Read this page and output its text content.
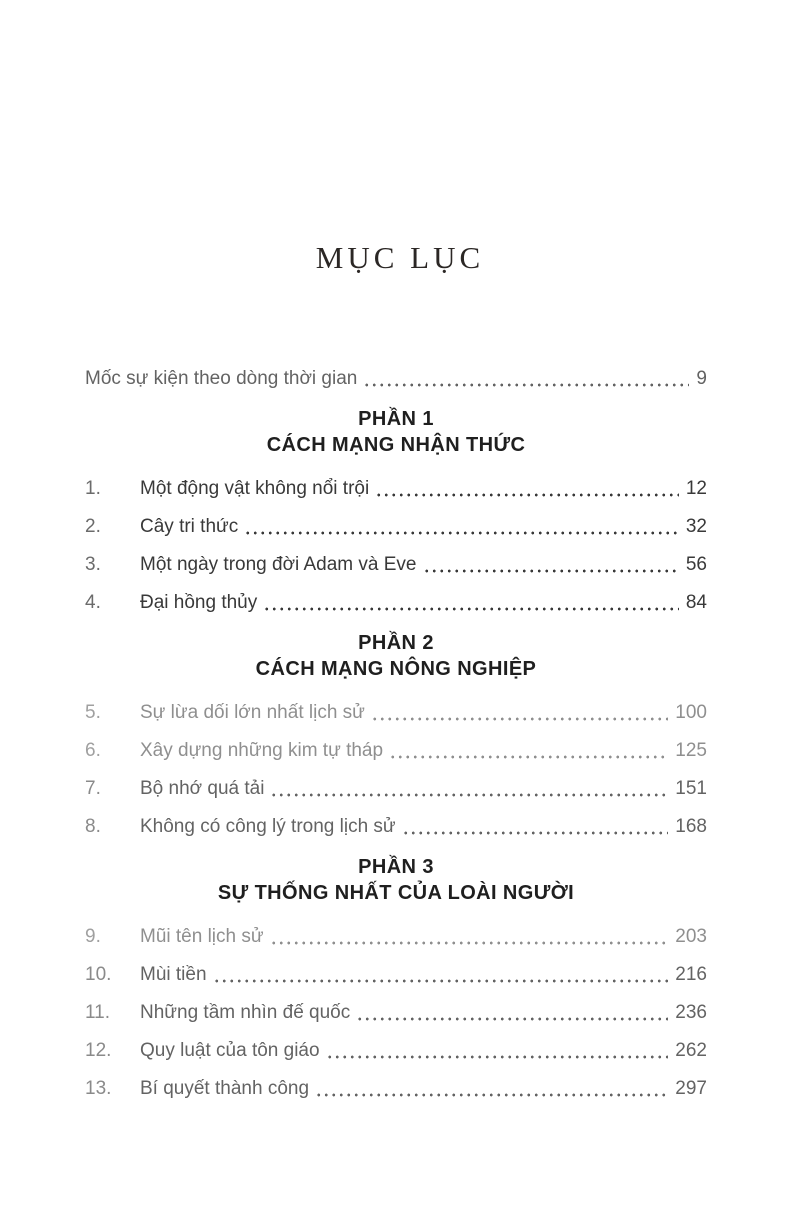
MỤC LỤC
Mốc sự kiện theo dòng thời gian	9
PHẦN 1
CÁCH MẠNG NHẬN THỨC
1.	Một động vật không nổi trội	12
2.	Cây tri thức	32
3.	Một ngày trong đời Adam và Eve	56
4.	Đại hồng thủy	84
PHẦN 2
CÁCH MẠNG NÔNG NGHIỆP
5.	Sự lừa dối lớn nhất lịch sử	100
6.	Xây dựng những kim tự tháp	125
7.	Bộ nhớ quá tải	151
8.	Không có công lý trong lịch sử	168
PHẦN 3
SỰ THỐNG NHẤT CỦA LOÀI NGƯỜI
9.	Mũi tên lịch sử	203
10.	Mùi tiền	216
11.	Những tầm nhìn đế quốc	236
12.	Quy luật của tôn giáo	262
13.	Bí quyết thành công	297
